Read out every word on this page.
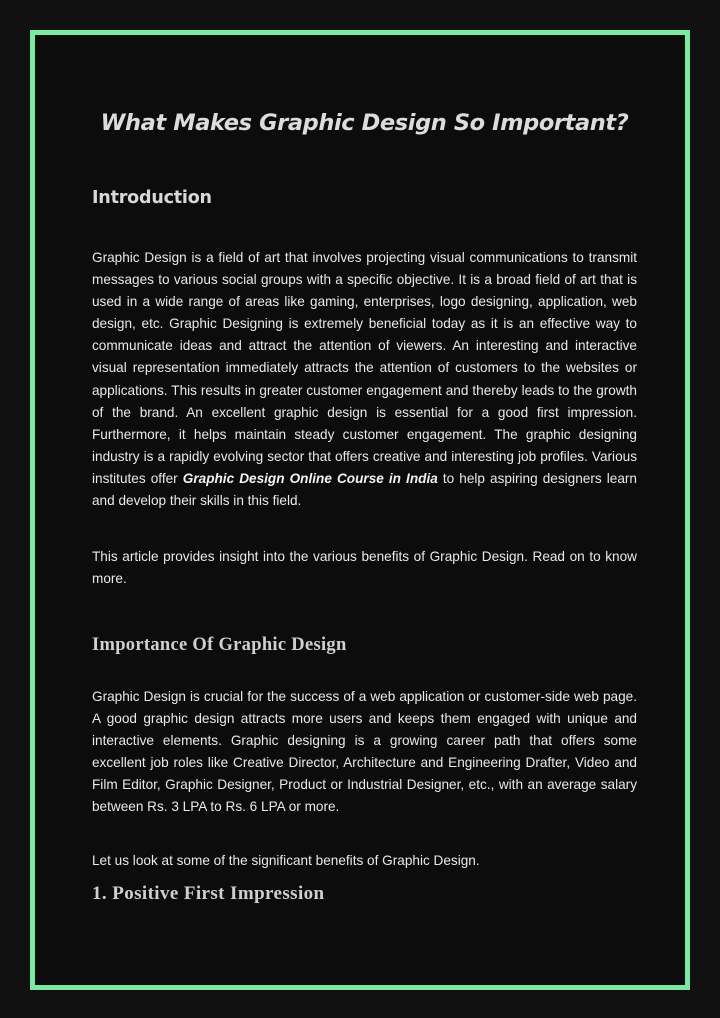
What Makes Graphic Design So Important?
Introduction

Graphic Design is a field of art that involves projecting visual communications to transmit messages to various social groups with a specific objective. It is a broad field of art that is used in a wide range of areas like gaming, enterprises, logo designing, application, web design, etc. Graphic Designing is extremely beneficial today as it is an effective way to communicate ideas and attract the attention of viewers. An interesting and interactive visual representation immediately attracts the attention of customers to the websites or applications. This results in greater customer engagement and thereby leads to the growth of the brand. An excellent graphic design is essential for a good first impression. Furthermore, it helps maintain steady customer engagement. The graphic designing industry is a rapidly evolving sector that offers creative and interesting job profiles. Various institutes offer Graphic Design Online Course in India to help aspiring designers learn and develop their skills in this field.

This article provides insight into the various benefits of Graphic Design. Read on to know more.

Importance Of Graphic Design

Graphic Design is crucial for the success of a web application or customer-side web page. A good graphic design attracts more users and keeps them engaged with unique and interactive elements. Graphic designing is a growing career path that offers some excellent job roles like Creative Director, Architecture and Engineering Drafter, Video and Film Editor, Graphic Designer, Product or Industrial Designer, etc., with an average salary between Rs. 3 LPA to Rs. 6 LPA or more.

Let us look at some of the significant benefits of Graphic Design.

1. Positive First Impression
